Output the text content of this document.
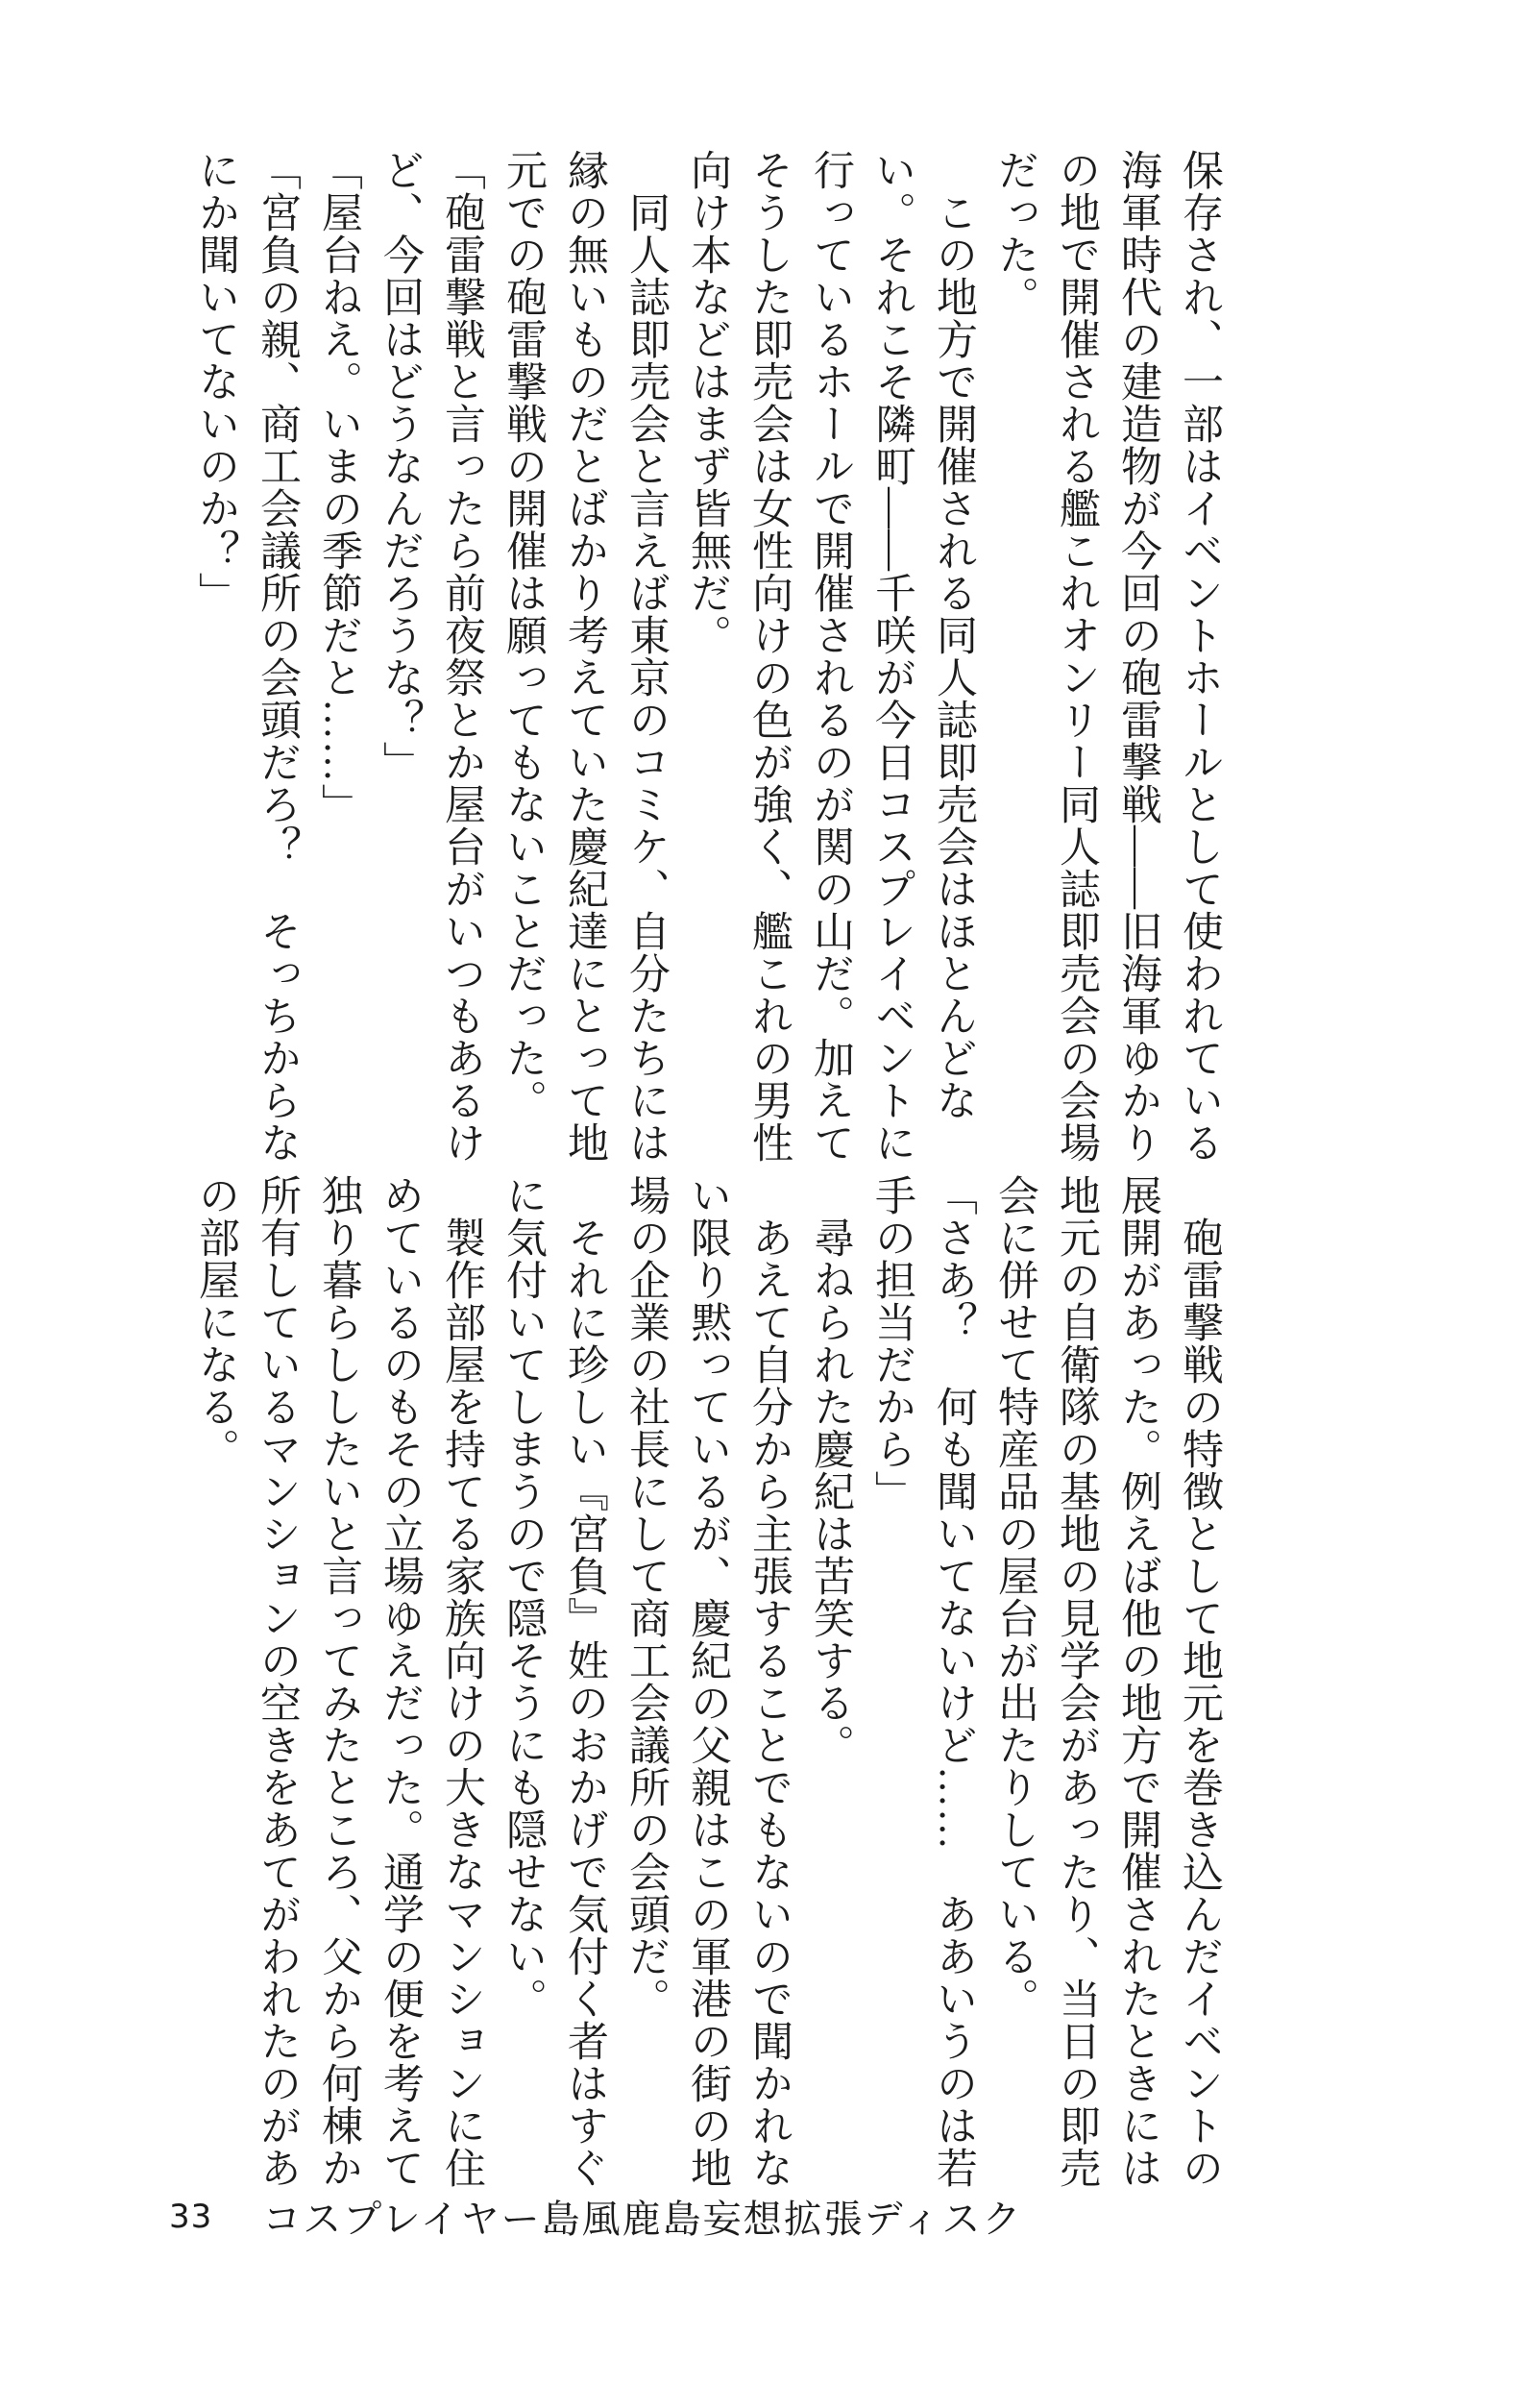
保存され、一部はイベントホールとして使われている

海軍時代の建造物が今回の砲雷撃戦――旧海軍ゆかり

の地で開催される艦これオンリー同人誌即売会の会場

だった。

　この地方で開催される同人誌即売会はほとんどな

い。それこそ隣町――千咲が今日コスプレイベントに

行っているホールで開催されるのが関の山だ。加えて

そうした即売会は女性向けの色が強く、艦これの男性

向け本などはまず皆無だ。

　同人誌即売会と言えば東京のコミケ、自分たちには

縁の無いものだとばかり考えていた慶紀達にとって地

元での砲雷撃戦の開催は願ってもないことだった。

「砲雷撃戦と言ったら前夜祭とか屋台がいつもあるけ

ど、今回はどうなんだろうな？」

「屋台ねえ。いまの季節だと……」

「宮負の親、商工会議所の会頭だろ？　そっちからな

にか聞いてないのか？」

　砲雷撃戦の特徴として地元を巻き込んだイベントの

展開があった。例えば他の地方で開催されたときには

地元の自衛隊の基地の見学会があったり、当日の即売

会に併せて特産品の屋台が出たりしている。

「さあ？　何も聞いてないけど……　ああいうのは若

手の担当だから」

　尋ねられた慶紀は苦笑する。

　あえて自分から主張することでもないので聞かれな

い限り黙っているが、慶紀の父親はこの軍港の街の地

場の企業の社長にして商工会議所の会頭だ。

　それに珍しい『宮負』姓のおかげで気付く者はすぐ

に気付いてしまうので隠そうにも隠せない。

　製作部屋を持てる家族向けの大きなマンションに住

めているのもその立場ゆえだった。通学の便を考えて

独り暮らししたいと言ってみたところ、父から何棟か

所有しているマンションの空きをあてがわれたのがあ

の部屋になる。

33 コスプレイヤー島風鹿島妄想拡張ディスク
